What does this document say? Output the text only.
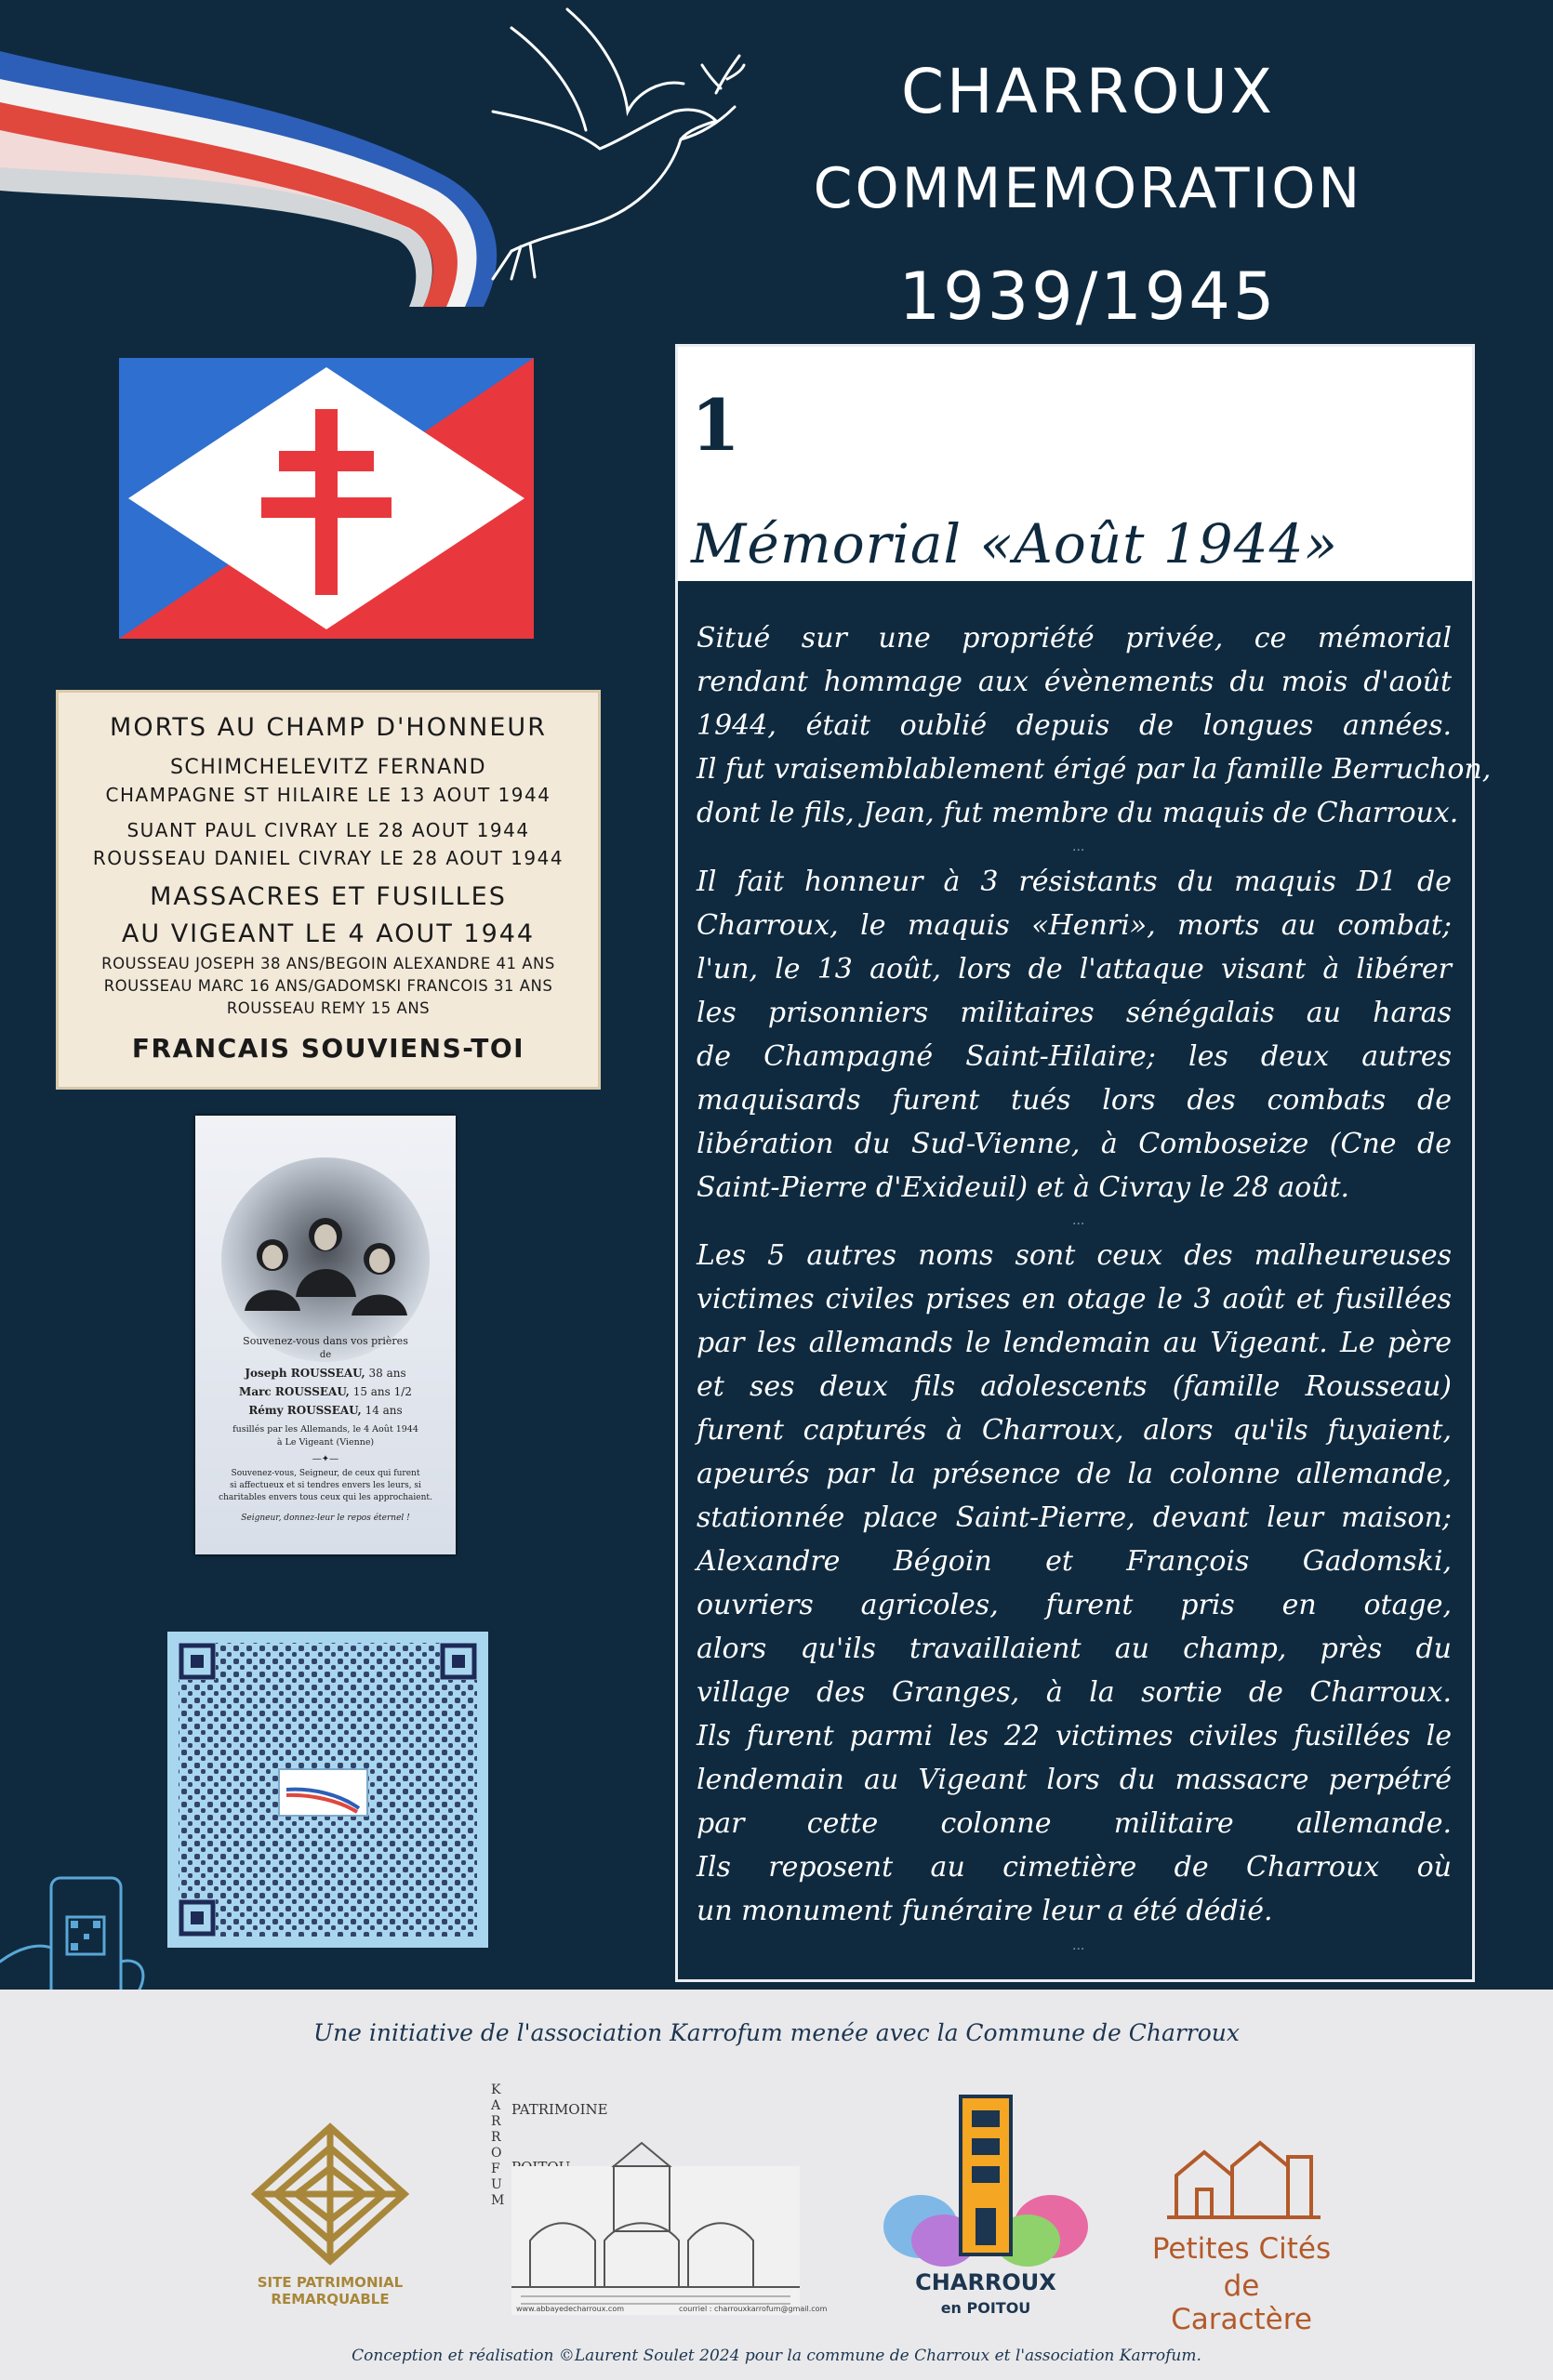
CHARROUX
COMMEMORATION
1939/1945
MORTS AU CHAMP D'HONNEUR
SCHIMCHELEVITZ FERNAND
CHAMPAGNE ST HILAIRE LE 13 AOUT 1944
SUANT PAUL CIVRAY LE 28 AOUT 1944
ROUSSEAU DANIEL CIVRAY LE 28 AOUT 1944
MASSACRES ET FUSILLES
AU VIGEANT LE 4 AOUT 1944
ROUSSEAU JOSEPH 38 ANS/BEGOIN ALEXANDRE 41 ANS
ROUSSEAU MARC 16 ANS/GADOMSKI FRANCOIS 31 ANS
ROUSSEAU REMY 15 ANS
FRANCAIS SOUVIENS-TOI
Souvenez-vous dans vos prières
de
Joseph ROUSSEAU, 38 ans
Marc ROUSSEAU, 15 ans 1/2
Rémy ROUSSEAU, 14 ans
fusillés par les Allemands, le 4 Août 1944
à Le Vigeant (Vienne)
—✦—
Souvenez-vous, Seigneur, de ceux qui furent
si affectueux et si tendres envers les leurs, si
charitables envers tous ceux qui les approchaient.
Seigneur, donnez-leur le repos éternel !
1
Mémorial «Août 1944»
Situé sur une propriété privée, ce mémorial
rendant hommage aux évènements du mois d'août
1944, était oublié depuis de longues années.
Il fut vraisemblablement érigé par la famille Berruchon,
dont le fils, Jean, fut membre du maquis de Charroux.
...
Il fait honneur à 3 résistants du maquis D1 de
Charroux, le maquis «Henri», morts au combat;
l'un, le 13 août, lors de l'attaque visant à libérer
les prisonniers militaires sénégalais au haras
de Champagné Saint-Hilaire; les deux autres
maquisards furent tués lors des combats de
libération du Sud-Vienne, à Comboseize (Cne de
Saint-Pierre d'Exideuil) et à Civray le 28 août.
...
Les 5 autres noms sont ceux des malheureuses
victimes civiles prises en otage le 3 août et fusillées
par les allemands le lendemain au Vigeant. Le père
et ses deux fils adolescents (famille Rousseau)
furent capturés à Charroux, alors qu'ils fuyaient,
apeurés par la présence de la colonne allemande,
stationnée place Saint-Pierre, devant leur maison;
Alexandre Bégoin et François Gadomski,
ouvriers agricoles, furent pris en otage,
alors qu'ils travaillaient au champ, près du
village des Granges, à la sortie de Charroux.
Ils furent parmi les 22 victimes civiles fusillées le
lendemain au Vigeant lors du massacre perpétré
par cette colonne militaire allemande.
Ils reposent au cimetière de Charroux où
un monument funéraire leur a été dédié.
...
Une initiative de l'association Karrofum menée avec la Commune de Charroux
SITE PATRIMONIAL
REMARQUABLE
KARROFUM
PATRIMOINE
www.abbayedecharroux.com	courriel : charrouxkarrofum@gmail.com
CHARROUX
en POITOU
Petites Cités
de Caractère
Conception et réalisation ©Laurent Soulet 2024 pour la commune de Charroux et l'association Karrofum.
